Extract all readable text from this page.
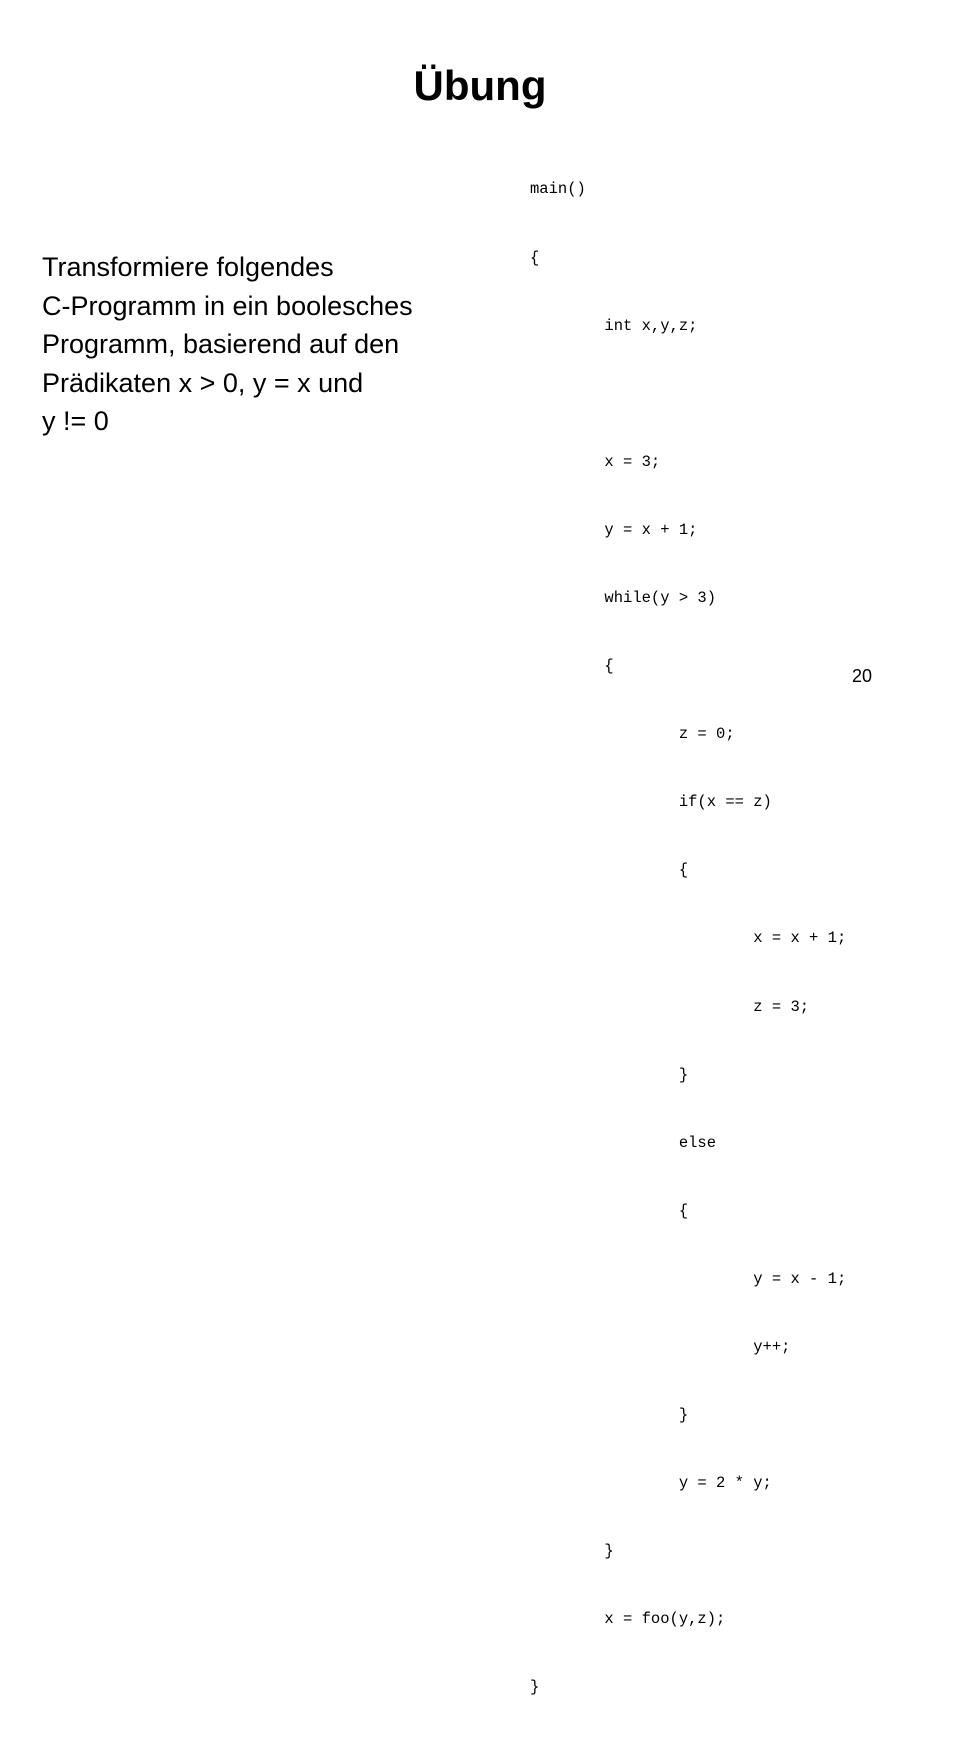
Übung
Transformiere folgendes
C-Programm in ein boolesches
Programm, basierend auf den
Prädikaten x > 0, y = x und
y != 0

main()

{

int x,y,z;

x = 3;

y = x + 1;

while(y > 3)

{

z = 0;

if(x == z)

{

x = x + 1;

z = 3;

}

else

{

y = x - 1;

y++;

}

y = 2 * y;

}

x = foo(y,z);

}

20
